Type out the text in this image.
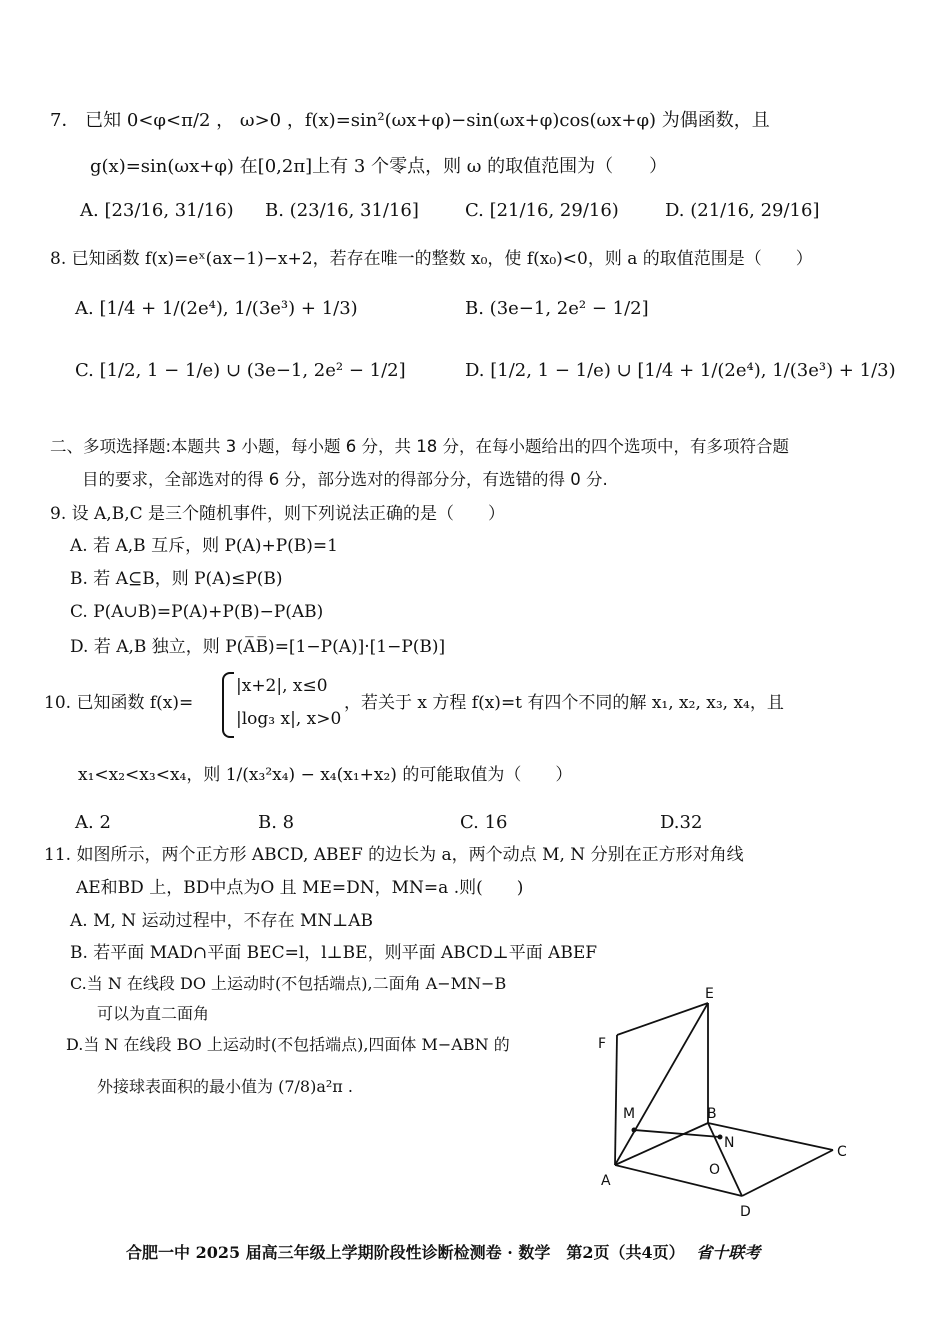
7． 已知 0<φ<π/2 ， ω>0 ，f(x)=sin²(ωx+φ)−sin(ωx+φ)cos(ωx+φ) 为偶函数，且
g(x)=sin(ωx+φ) 在[0,2π]上有 3 个零点，则 ω 的取值范围为（　　）
A. [23/16, 31/16) B. (23/16, 31/16]	C. [21/16, 29/16)	D. (21/16, 29/16]
8. 已知函数 f(x)=eˣ(ax−1)−x+2，若存在唯一的整数 x₀，使 f(x₀)<0，则 a 的取值范围是（　　）
A. [1/4 + 1/(2e⁴), 1/(3e³) + 1/3)	B. (3e−1, 2e² − 1/2]
C. [1/2, 1 − 1/e) ∪ (3e−1, 2e² − 1/2]	D. [1/2, 1 − 1/e) ∪ [1/4 + 1/(2e⁴), 1/(3e³) + 1/3)
二、多项选择题:本题共 3 小题，每小题 6 分，共 18 分，在每小题给出的四个选项中，有多项符合题
目的要求，全部选对的得 6 分，部分选对的得部分分，有选错的得 0 分.
9. 设 A,B,C 是三个随机事件，则下列说法正确的是（　　）
A. 若 A,B 互斥，则 P(A)+P(B)=1
B. 若 A⊆B，则 P(A)≤P(B)
C. P(A∪B)=P(A)+P(B)−P(AB)
D. 若 A,B 独立，则 P(A̅B̅)=[1−P(A)]·[1−P(B)]
10. 已知函数 f(x)=
|x+2|, x≤0
|log₃ x|, x>0
，若关于 x 方程 f(x)=t 有四个不同的解 x₁, x₂, x₃, x₄，且
x₁<x₂<x₃<x₄，则 1/(x₃²x₄) − x₄(x₁+x₂) 的可能取值为（　　）
A. 2	B. 8	C. 16	D.32
11. 如图所示，两个正方形 ABCD, ABEF 的边长为 a，两个动点 M, N 分别在正方形对角线
AE和BD 上，BD中点为O 且 ME=DN，MN=a .则(　　)
A. M, N 运动过程中，不存在 MN⊥AB
B. 若平面 MAD∩平面 BEC=l，l⊥BE，则平面 ABCD⊥平面 ABEF
C.当 N 在线段 DO 上运动时(不包括端点),二面角 A−MN−B
可以为直二面角
D.当 N 在线段 BO 上运动时(不包括端点),四面体 M−ABN 的
外接球表面积的最小值为 (7/8)a²π .
E
F
M	B
N
C
O
A
D
合肥一中 2025 届高三年级上学期阶段性诊断检测卷 · 数学　第2页（共4页） 省十联考
